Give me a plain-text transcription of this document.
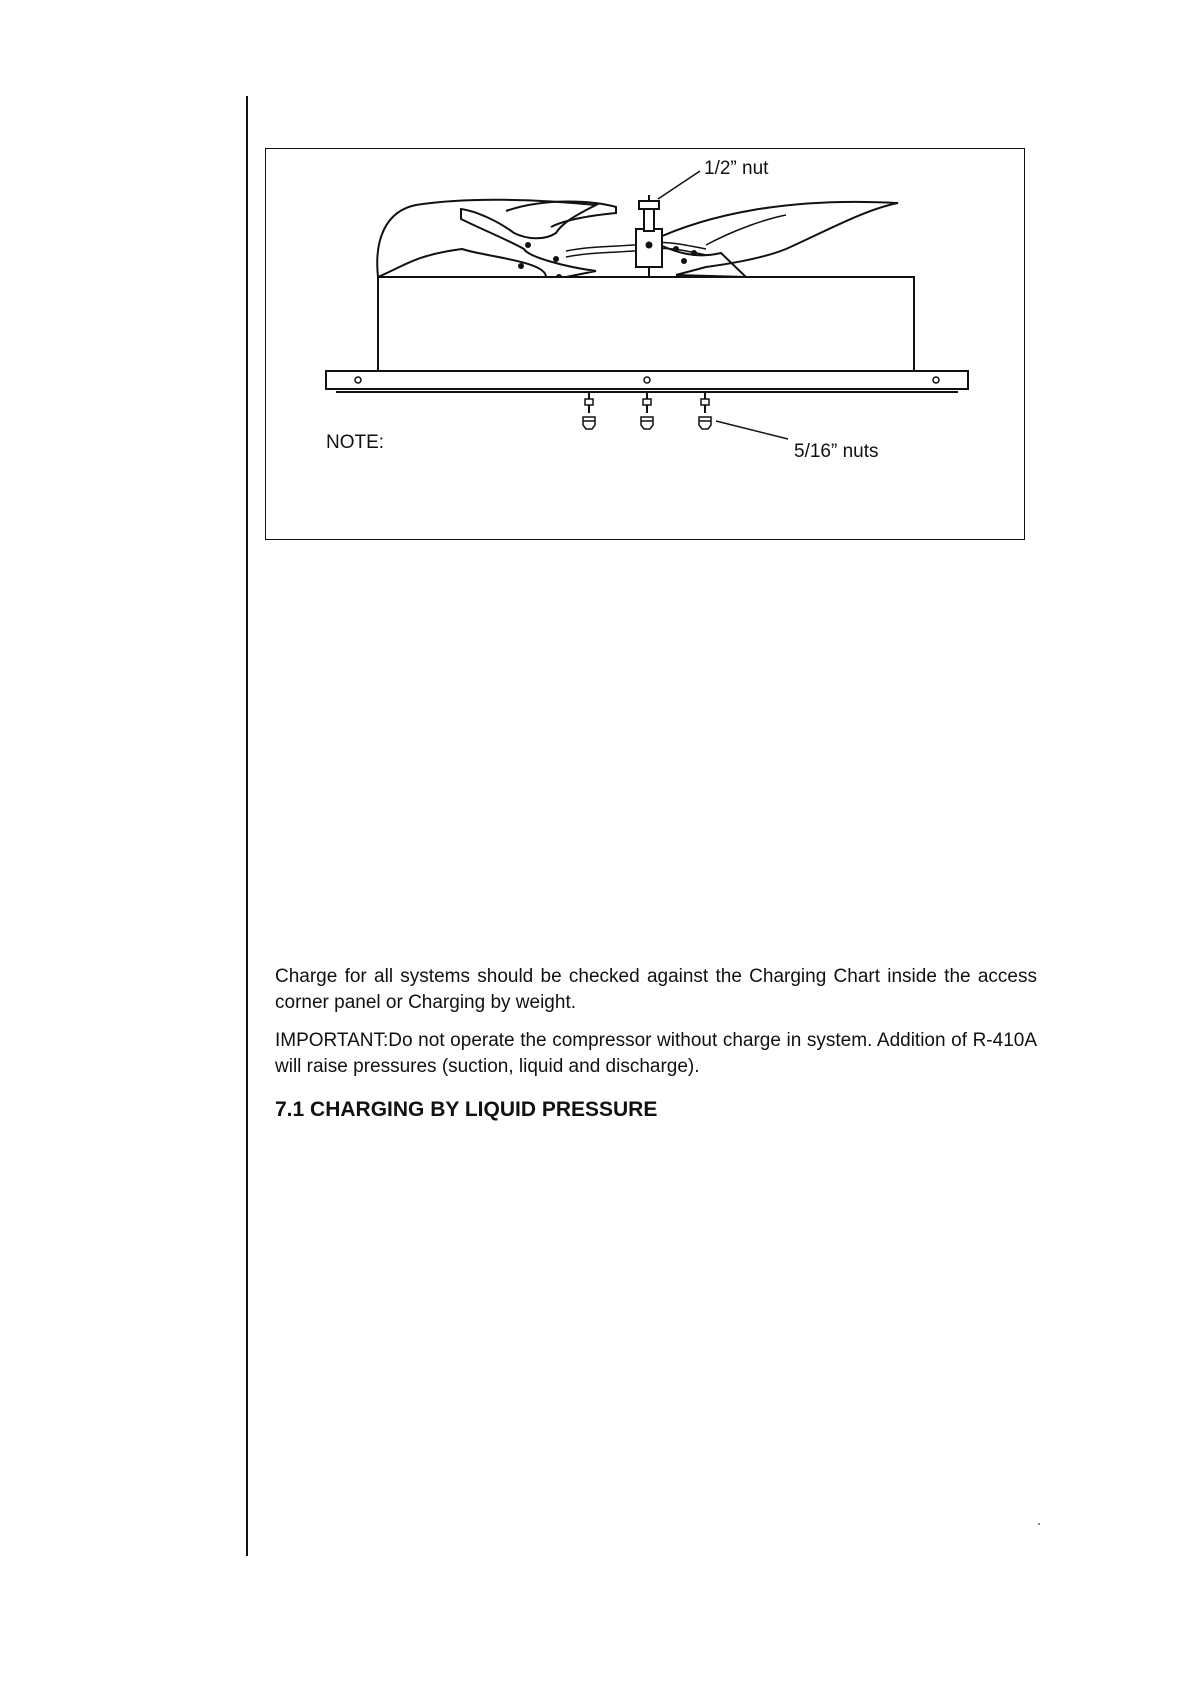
1/2” nut
NOTE:	5/16” nuts

Charge for all systems should be checked against the Charging Chart inside the access corner panel or Charging by weight.

IMPORTANT:Do not operate the compressor without charge in system. Addition of R-410A will raise pressures (suction, liquid and discharge).

7.1 CHARGING BY LIQUID PRESSURE
